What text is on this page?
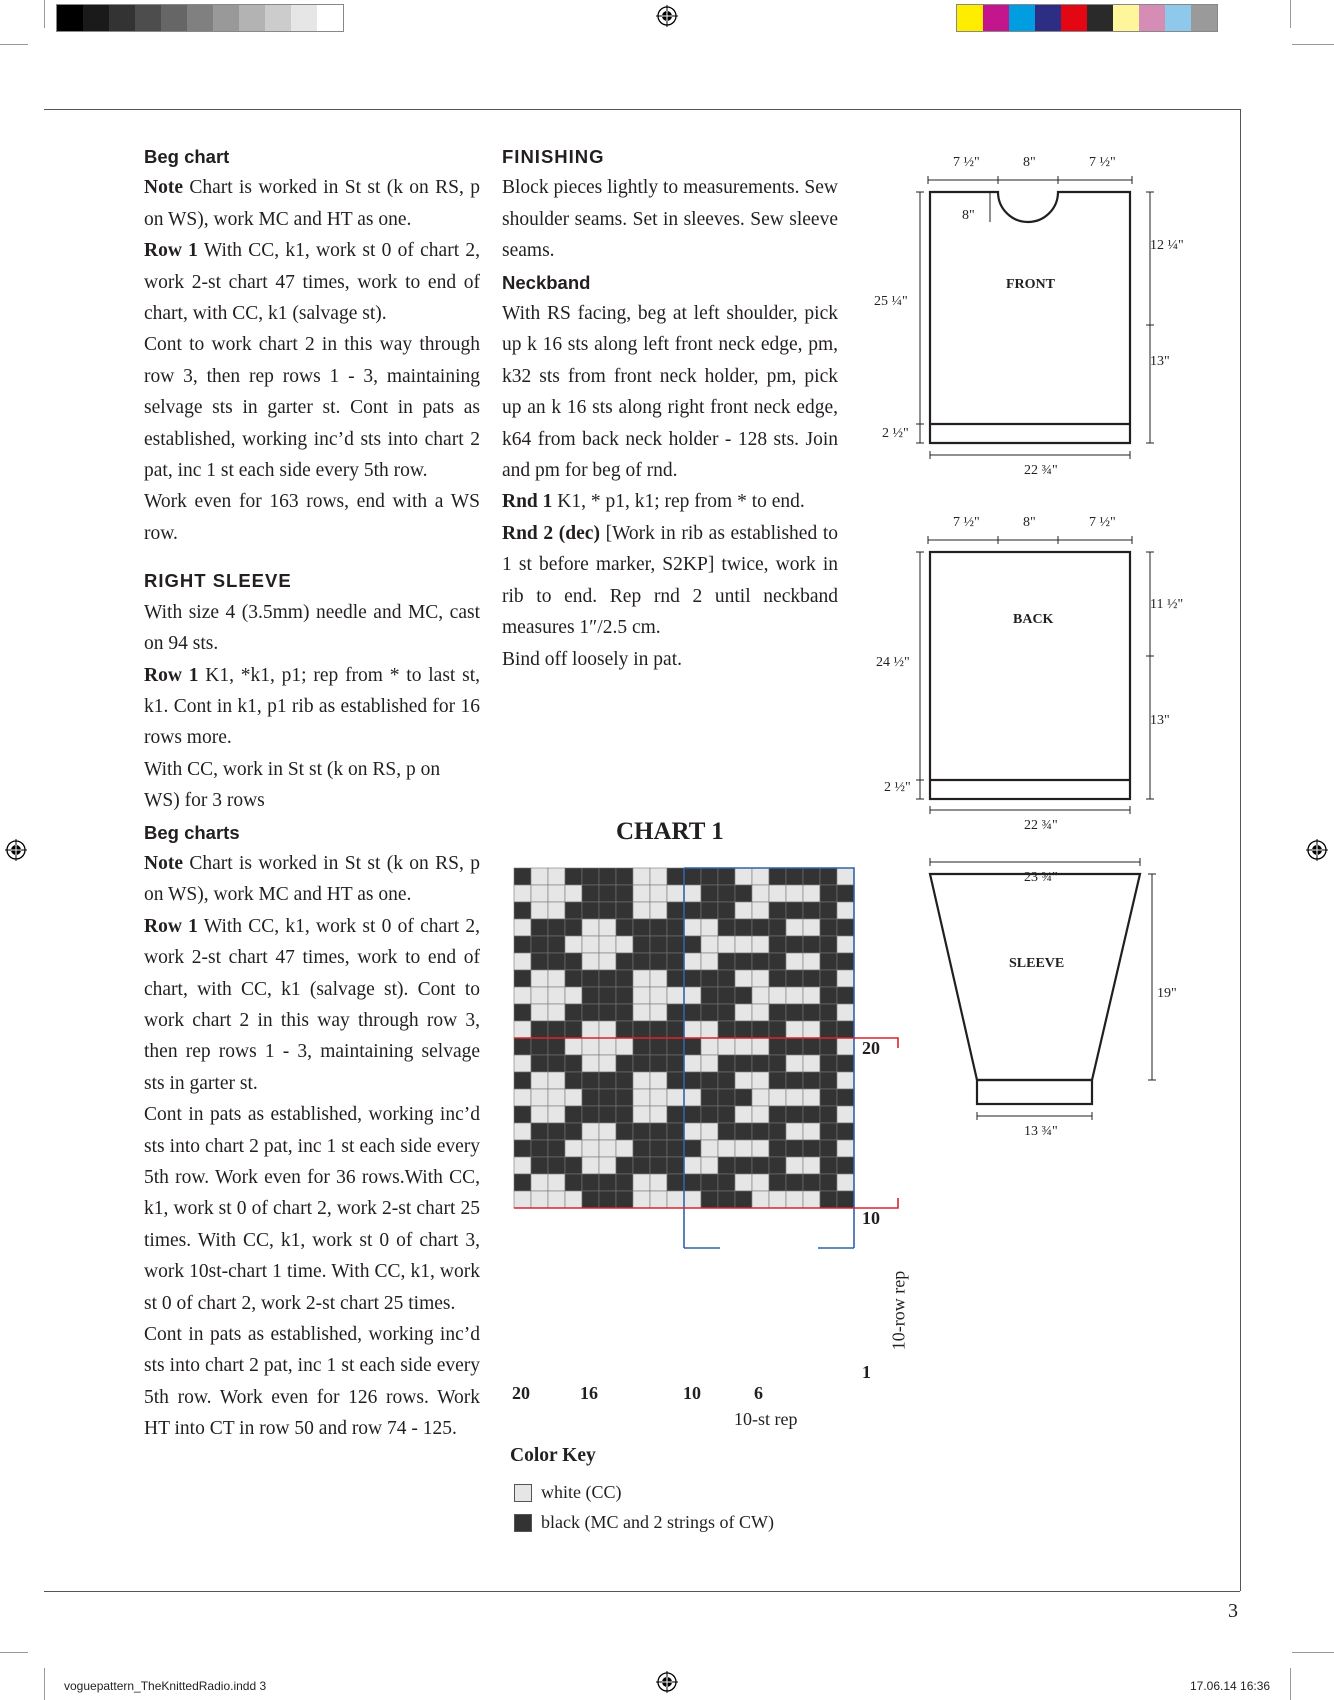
Beg chart

Note Chart is worked in St st (k on RS, p on WS), work MC and HT as one.

Row 1 With CC, k1, work st 0 of chart 2, work 2-st chart 47 times, work to end of chart, with CC, k1 (salvage st).

Cont to work chart 2 in this way through row 3, then rep rows 1 - 3, maintaining selvage sts in garter st. Cont in pats as established, working inc’d sts into chart 2 pat, inc 1 st each side every 5th row.

Work even for 163 rows, end with a WS row.

RIGHT SLEEVE

With size 4 (3.5mm) needle and MC, cast on 94 sts.

Row 1 K1, *k1, p1; rep from * to last st, k1. Cont in k1, p1 rib as established for 16 rows more.

With CC, work in St st (k on RS, p on WS) for 3 rows

Beg charts

Note Chart is worked in St st (k on RS, p on WS), work MC and HT as one.

Row 1 With CC, k1, work st 0 of chart 2, work 2-st chart 47 times, work to end of chart, with CC, k1 (salvage st). Cont to work chart 2 in this way through row 3, then rep rows 1 - 3, maintaining selvage sts in garter st.

Cont in pats as established, working inc’d sts into chart 2 pat, inc 1 st each side every 5th row. Work even for 36 rows.With CC, k1, work st 0 of chart 2, work 2-st chart 25 times. With CC, k1, work st 0 of chart 3, work 10st-chart 1 time. With CC, k1, work st 0 of chart 2, work 2-st chart 25 times.

Cont in pats as established, working inc’d sts into chart 2 pat, inc 1 st each side every 5th row. Work even for 126 rows. Work HT into CT in row 50 and row 74 - 125.

FINISHING

Block pieces lightly to measurements. Sew shoulder seams. Set in sleeves. Sew sleeve seams.

Neckband

With RS facing, beg at left shoulder, pick up k 16 sts along left front neck edge, pm, k32 sts from front neck holder, pm, pick up an k 16 sts along right front neck edge, k64 from back neck holder - 128 sts. Join and pm for beg of rnd.

Rnd 1 K1, * p1, k1; rep from * to end.

Rnd 2 (dec) [Work in rib as established to 1 st before marker, S2KP] twice, work in rib to end. Rep rnd 2 until neckband measures 1″/2.5 cm.

Bind off loosely in pat.

CHART 1
20
10
1
20	16	10	6
10-st rep
10-row rep
Color Key
white (CC)
black (MC and 2 strings of CW)
7 ½"	8"	7 ½"
8"
FRONT
12 ¼"
13"
25 ¼"
2 ½"
22 ¾"
7 ½"	8"	7 ½"
BACK
11 ½"
13"
24 ½"
2 ½"
22 ¾"
23 ¾"
SLEEVE
19"
13 ¾"
3
voguepattern_TheKnittedRadio.indd 3	17.06.14 16:36
